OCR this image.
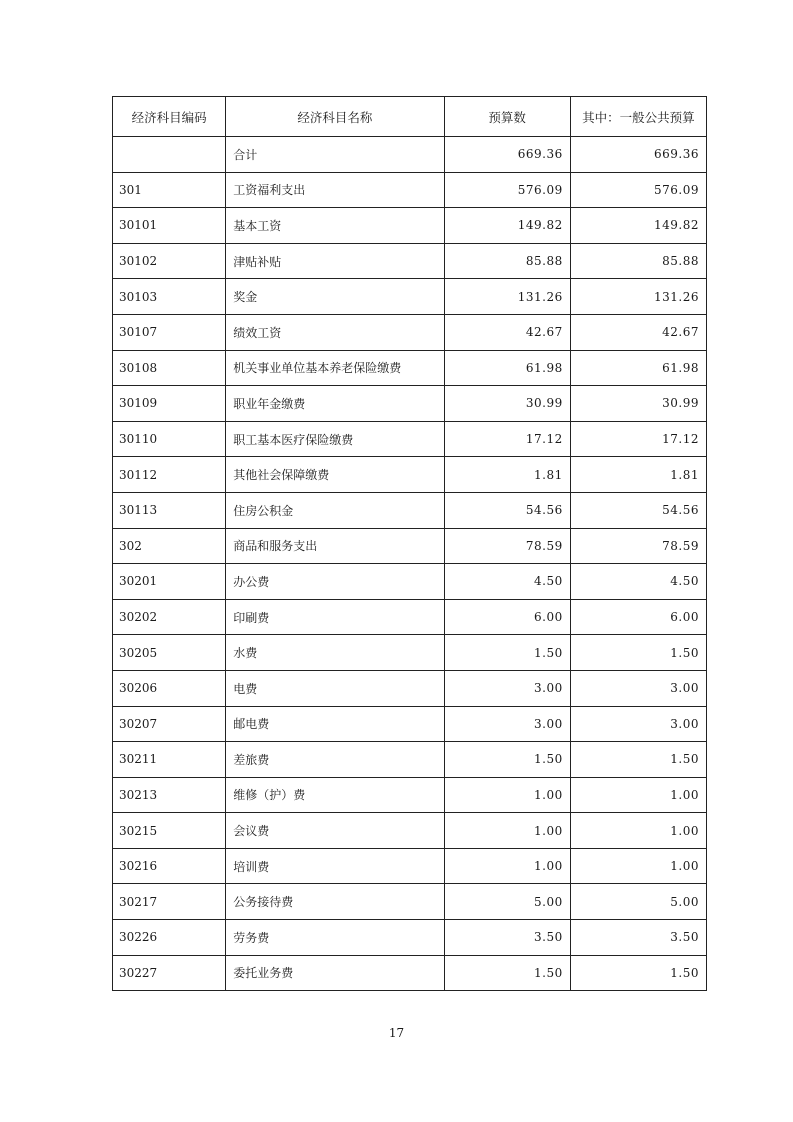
经济科目编码	经济科目名称	预算数	其中：一般公共预算
	合计	669.36	669.36
301	工资福利支出	576.09	576.09
30101	基本工资	149.82	149.82
30102	津贴补贴	85.88	85.88
30103	奖金	131.26	131.26
30107	绩效工资	42.67	42.67
30108	机关事业单位基本养老保险缴费	61.98	61.98
30109	职业年金缴费	30.99	30.99
30110	职工基本医疗保险缴费	17.12	17.12
30112	其他社会保障缴费	1.81	1.81
30113	住房公积金	54.56	54.56
302	商品和服务支出	78.59	78.59
30201	办公费	4.50	4.50
30202	印刷费	6.00	6.00
30205	水费	1.50	1.50
30206	电费	3.00	3.00
30207	邮电费	3.00	3.00
30211	差旅费	1.50	1.50
30213	维修（护）费	1.00	1.00
30215	会议费	1.00	1.00
30216	培训费	1.00	1.00
30217	公务接待费	5.00	5.00
30226	劳务费	3.50	3.50
30227	委托业务费	1.50	1.50
17
